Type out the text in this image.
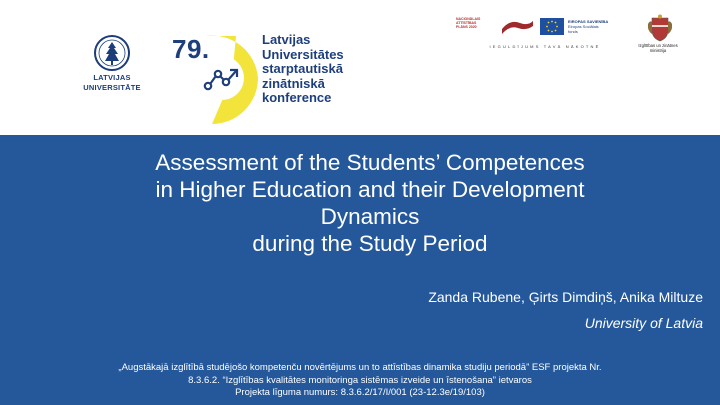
LATVIJAS
UNIVERSITĀTE
79.	Latvijas
Universitātes
starptautiskā
zinātniskā
konference
NACIONĀLAIS
ATTĪSTĪBAS
PLĀNS 2020
EIROPAS SAVIENĪBA
Eiropas Sociālais
fonds
IEGULDĪJUMS TAVĀ NĀKOTNĒ	Izglītības un zinātnes
ministrija
Assessment of the Students’ Competences
in Higher Education and their Development
Dynamics
during the Study Period
Zanda Rubene, Ģirts Dimdiņš, Anika Miltuze
University of Latvia
„Augstākajā izglītībā studējošo kompetenču novērtējums un to attīstības dinamika studiju periodā” ESF projekta Nr.
8.3.6.2. “Izglītības kvalitātes monitoringa sistēmas izveide un īstenošana” ietvaros
Projekta līguma numurs: 8.3.6.2/17/I/001 (23-12.3e/19/103)
